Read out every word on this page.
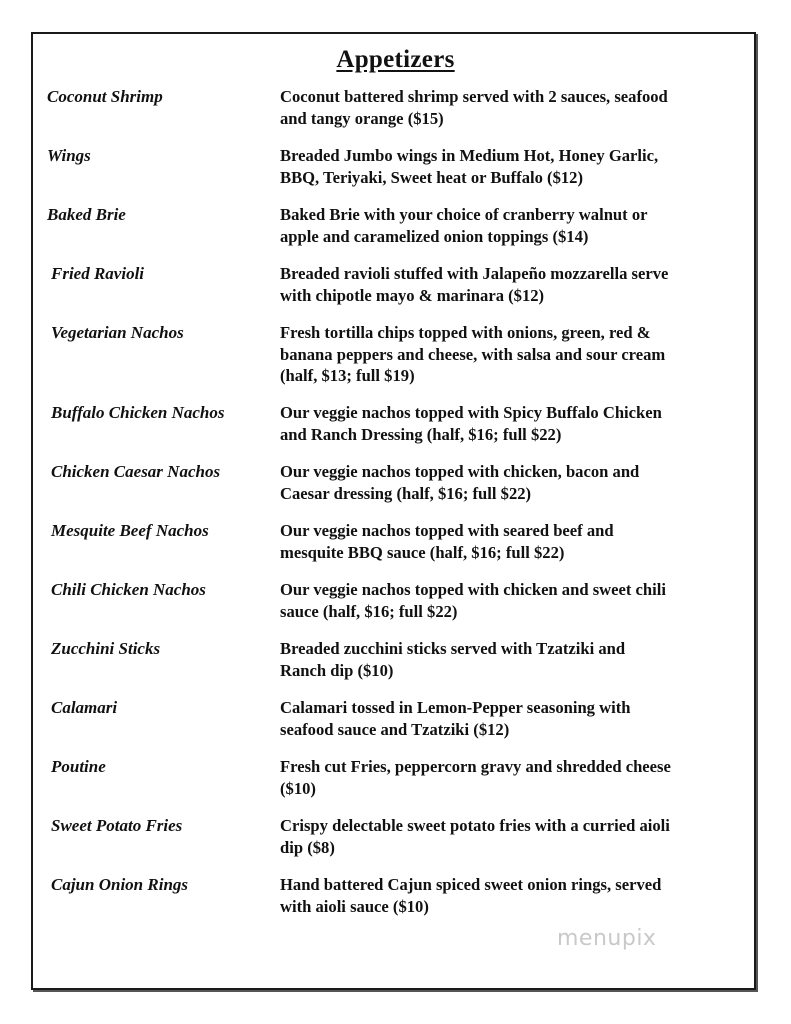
Appetizers
Coconut Shrimp	Coconut battered shrimp served with 2 sauces, seafood
and tangy orange ($15)
Wings	Breaded Jumbo wings in Medium Hot, Honey Garlic,
BBQ, Teriyaki, Sweet heat or Buffalo ($12)
Baked Brie	Baked Brie with your choice of cranberry walnut or
apple and caramelized onion toppings ($14)
Fried Ravioli	Breaded ravioli stuffed with Jalapeño mozzarella serve
with chipotle mayo & marinara ($12)
Vegetarian Nachos	Fresh tortilla chips topped with onions, green, red &
banana peppers and cheese, with salsa and sour cream
(half, $13; full $19)
Buffalo Chicken Nachos	Our veggie nachos topped with Spicy Buffalo Chicken
and Ranch Dressing (half, $16; full $22)
Chicken Caesar Nachos	Our veggie nachos topped with chicken, bacon and
Caesar dressing (half, $16; full $22)
Mesquite Beef Nachos	Our veggie nachos topped with seared beef and
mesquite BBQ sauce (half, $16; full $22)
Chili Chicken Nachos	Our veggie nachos topped with chicken and sweet chili
sauce (half, $16; full $22)
Zucchini Sticks	Breaded zucchini sticks served with Tzatziki and
Ranch dip ($10)
Calamari	Calamari tossed in Lemon-Pepper seasoning with
seafood sauce and Tzatziki ($12)
Poutine	Fresh cut Fries, peppercorn gravy and shredded cheese
($10)
Sweet Potato Fries	Crispy delectable sweet potato fries with a curried aioli
dip ($8)
Cajun Onion Rings	Hand battered Cajun spiced sweet onion rings, served
with aioli sauce ($10)
menupix
